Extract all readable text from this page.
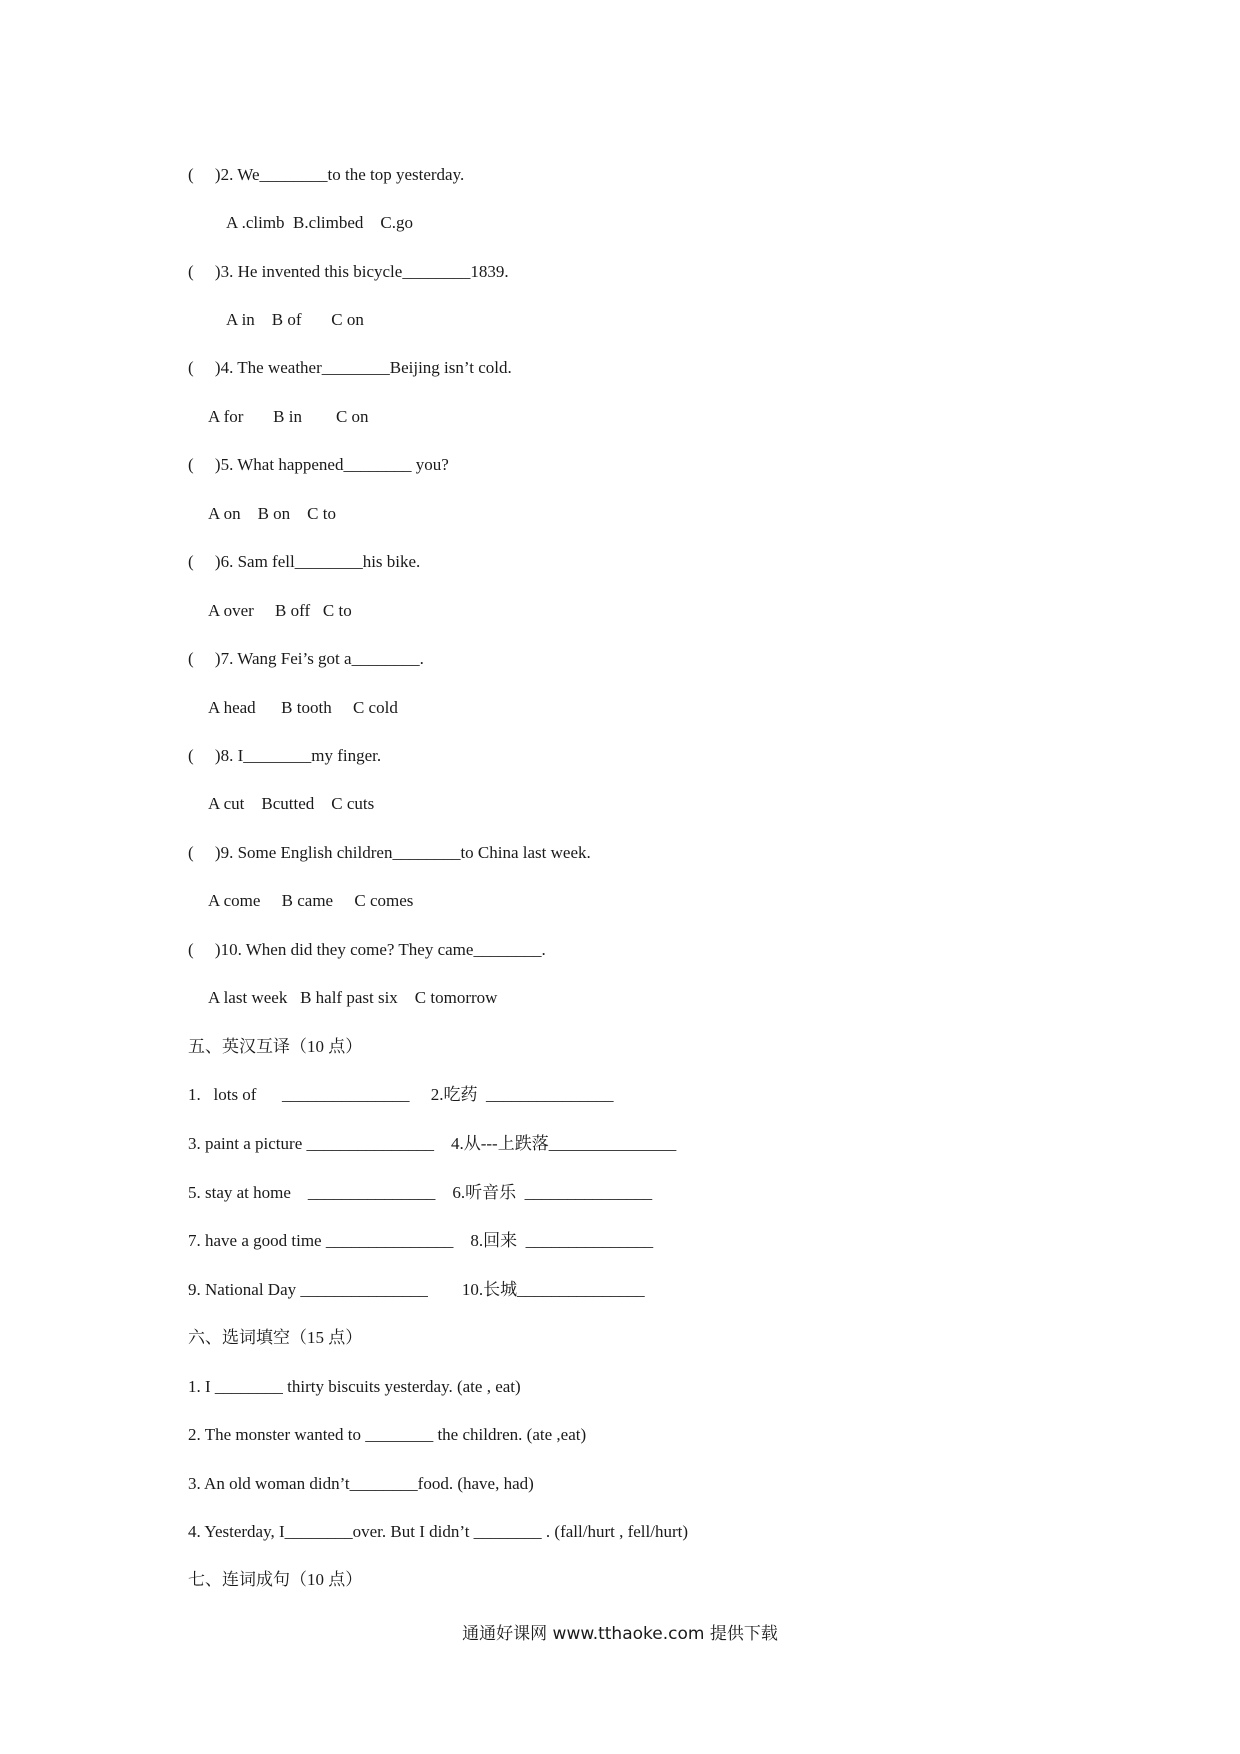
(     )2. We________to the top yesterday.
A .climb  B.climbed    C.go
(     )3. He invented this bicycle________1839.
A in    B of       C on
(     )4. The weather________Beijing isn’t cold.
A for       B in        C on
(     )5. What happened________ you?
A on    B on    C to
(     )6. Sam fell________his bike.
A over     B off   C to
(     )7. Wang Fei’s got a________.
A head      B tooth     C cold
(     )8. I________my finger.
A cut    Bcutted    C cuts
(     )9. Some English children________to China last week.
A come     B came     C comes
(     )10. When did they come? They came________.
A last week   B half past six    C tomorrow
五、英汉互译（10 点）
1.   lots of      _______________     2.吃药  _______________
3. paint a picture _______________    4.从---上跌落_______________
5. stay at home    _______________    6.听音乐  _______________
7. have a good time _______________    8.回来  _______________
9. National Day _______________        10.长城_______________
六、选词填空（15 点）
1. I ________ thirty biscuits yesterday. (ate , eat)
2. The monster wanted to ________ the children. (ate ,eat)
3. An old woman didn’t________food. (have, had)
4. Yesterday, I________over. But I didn’t ________ . (fall/hurt , fell/hurt)
七、连词成句（10 点）
通通好课网 www.tthaoke.com 提供下载
